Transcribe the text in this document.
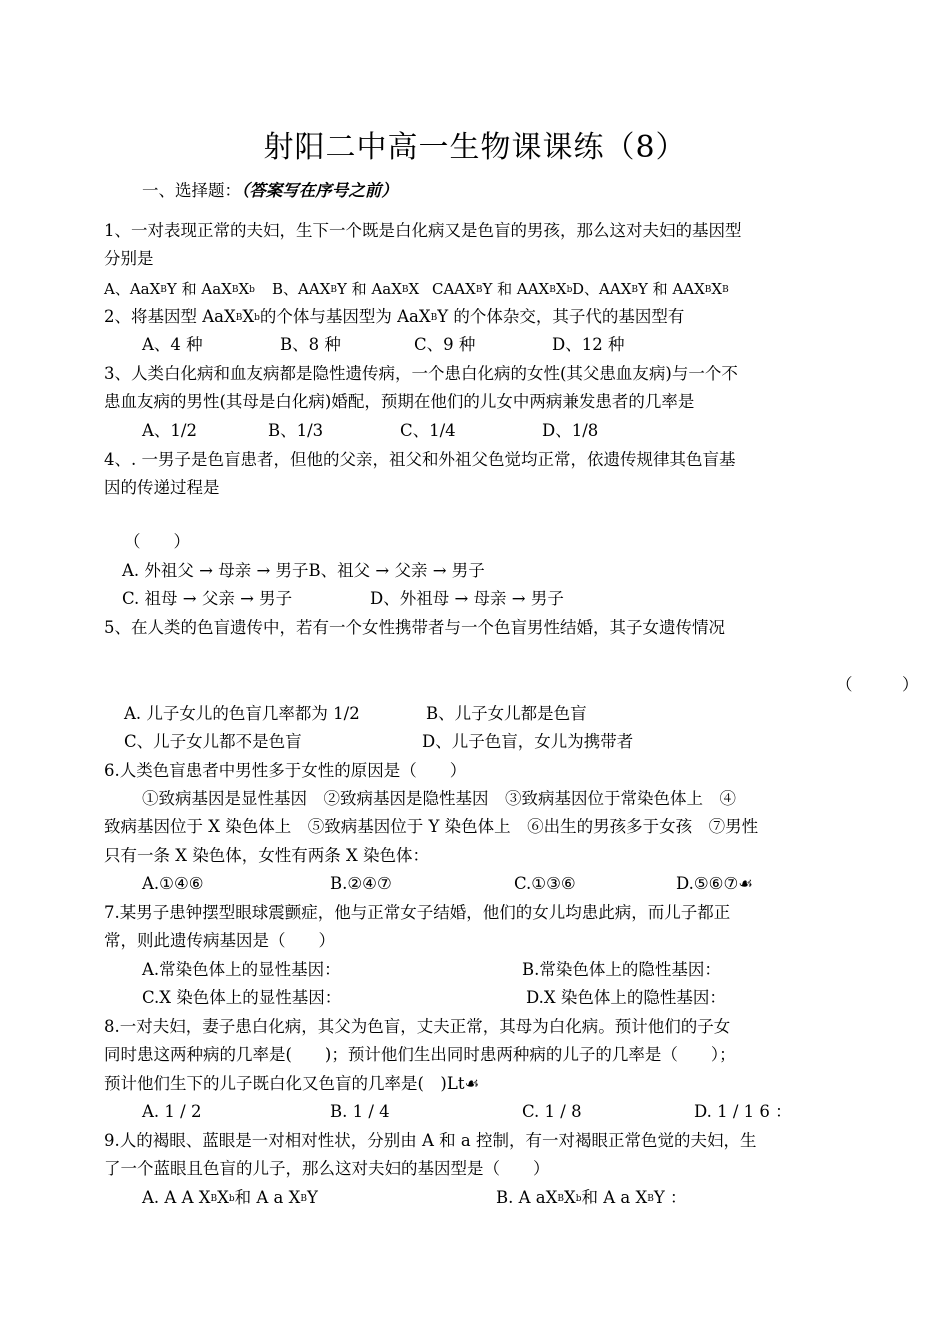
射阳二中高一生物课课练（8）
一、选择题：（答案写在序号之前）
1、一对表现正常的夫妇，生下一个既是白化病又是色盲的男孩，那么这对夫妇的基因型
分别是
A、AaX$^B$Y 和 $AaX^BX^b$ B、$AAX^BY$ 和 AaX$^B$X $CAAX^BY$ 和 $AAX^BX^b$ D、$AAX^BY$ 和 $AAX^BX^B$
2、将基因型 $AaX^BX^b$的个体与基因型为 AaX$^B$Y 的个体杂交，其子代的基因型有
A、4 种	B、8 种	C、9 种	D、12 种
3、人类白化病和血友病都是隐性遗传病，一个患白化病的女性(其父患血友病)与一个不
患血友病的男性(其母是白化病)婚配，预期在他们的儿女中两病兼发患者的几率是
A、1/2	B、1/3	C、1/4	D、1/8
4、. 一男子是色盲患者，但他的父亲，祖父和外祖父色觉均正常，依遗传规律其色盲基
因的传递过程是
（　　）
A. 外祖父 → 母亲 → 男子B、祖父 → 父亲 → 男子
C. 祖母 → 父亲 → 男子	D、外祖母 → 母亲 → 男子
5、在人类的色盲遗传中，若有一个女性携带者与一个色盲男性结婚，其子女遗传情况
（　　　）
A. 儿子女儿的色盲几率都为 1/2	B、儿子女儿都是色盲
C、儿子女儿都不是色盲	D、儿子色盲，女儿为携带者
6.人类色盲患者中男性多于女性的原因是（　　）
①致病基因是显性基因　②致病基因是隐性基因　③致病基因位于常染色体上　④
致病基因位于 X 染色体上　⑤致病基因位于 Y 染色体上　⑥出生的男孩多于女孩　⑦男性
只有一条 X 染色体，女性有两条 X 染色体：
A.①④⑥	B.②④⑦	C.①③⑥	D.⑤⑥⑦☙
7.某男子患钟摆型眼球震颤症，他与正常女子结婚，他们的女儿均患此病，而儿子都正
常，则此遗传病基因是（　　）
A.常染色体上的显性基因：	B.常染色体上的隐性基因：
C.X 染色体上的显性基因：	D.X 染色体上的隐性基因：
8.一对夫妇，妻子患白化病，其父为色盲，丈夫正常，其母为白化病。预计他们的子女
同时患这两种病的几率是(　　)；预计他们生出同时患两种病的儿子的几率是（　　）；
预计他们生下的儿子既白化又色盲的几率是(　)Lt☙
A. 1 / 2	B. 1 / 4	C. 1 / 8	D. 1 / 1 6 ：
9.人的褐眼、蓝眼是一对相对性状，分别由 A 和 a 控制，有一对褐眼正常色觉的夫妇，生
了一个蓝眼且色盲的儿子，那么这对夫妇的基因型是（　　）
A. A A $X^BX^b$和 A a $X^BY$	B. A $aX^BX^b$和 A a $X^BY$ ：
